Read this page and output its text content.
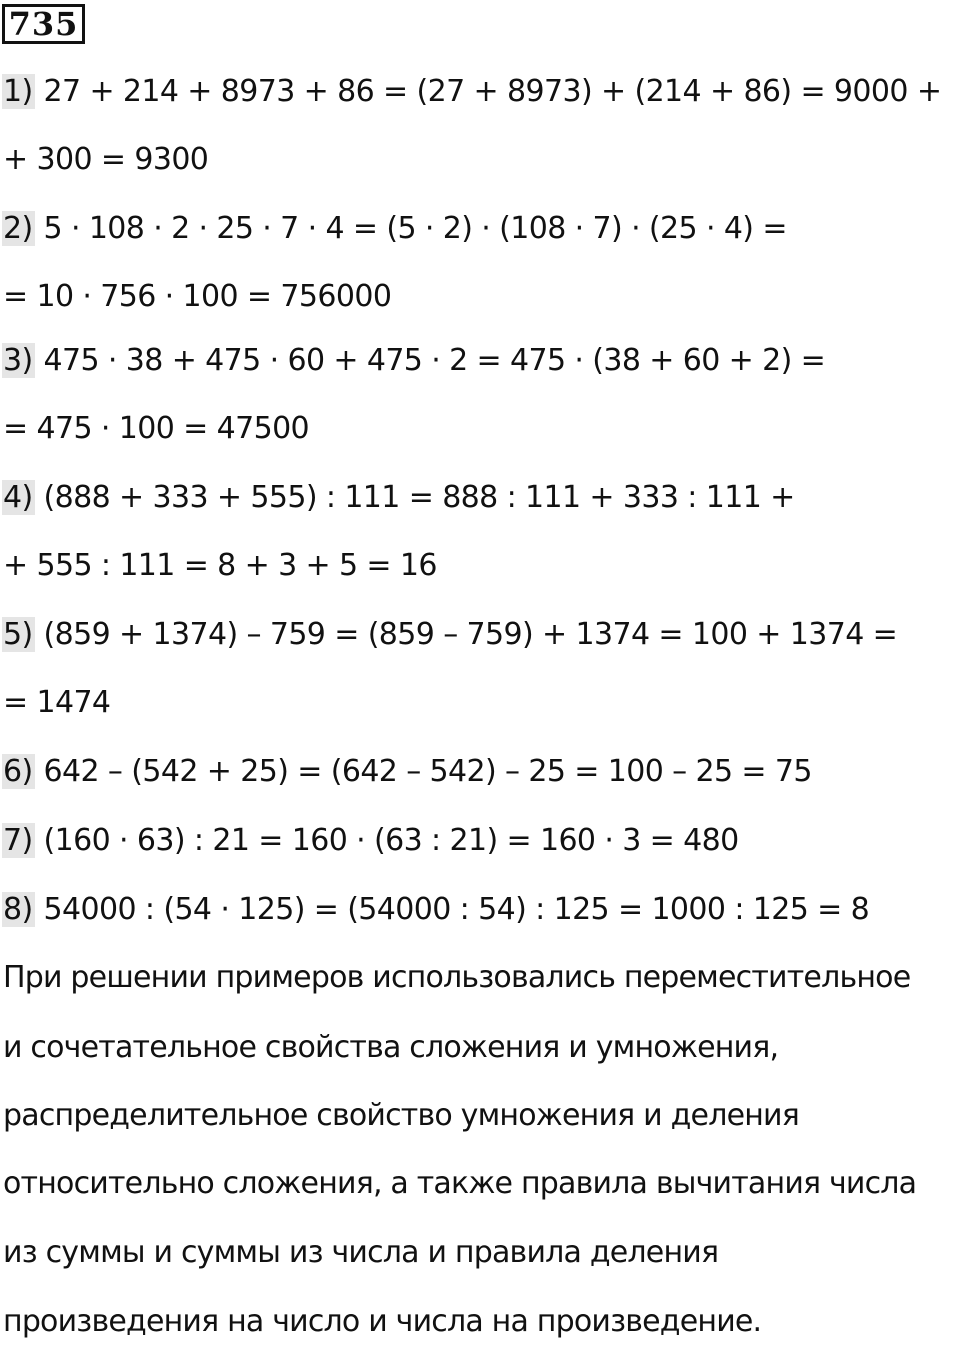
735
1) 27 + 214 + 8973 + 86 = (27 + 8973) + (214 + 86) = 9000 +
+ 300 = 9300
2) 5 · 108 · 2 · 25 · 7 · 4 = (5 · 2) · (108 · 7) · (25 · 4) =
= 10 · 756 · 100 = 756000
3) 475 · 38 + 475 · 60 + 475 · 2 = 475 · (38 + 60 + 2) =
= 475 · 100 = 47500
4) (888 + 333 + 555) : 111 = 888 : 111 + 333 : 111 +
+ 555 : 111 = 8 + 3 + 5 = 16
5) (859 + 1374) – 759 = (859 – 759) + 1374 = 100 + 1374 =
= 1474
6) 642 – (542 + 25) = (642 – 542) – 25 = 100 – 25 = 75
7) (160 · 63) : 21 = 160 · (63 : 21) = 160 · 3 = 480
8) 54000 : (54 · 125) = (54000 : 54) : 125 = 1000 : 125 = 8
При решении примеров использовались переместительное
и сочетательное свойства сложения и умножения,
распределительное свойство умножения и деления
относительно сложения, а также правила вычитания числа
из суммы и суммы из числа и правила деления
произведения на число и числа на произведение.
